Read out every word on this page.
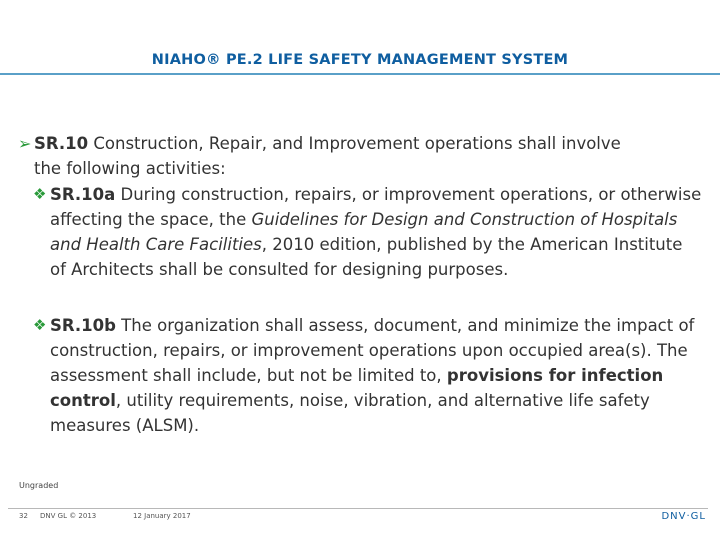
NIAHO® PE.2 LIFE SAFETY MANAGEMENT SYSTEM
➢ SR.10 Construction, Repair, and Improvement operations shall involve
the following activities:
❖ SR.10a During construction, repairs, or improvement operations, or otherwise affecting the space, the Guidelines for Design and Construction of Hospitals and Health Care Facilities, 2010 edition, published by the American Institute of Architects shall be consulted for designing purposes.
❖ SR.10b The organization shall assess, document, and minimize the impact of construction, repairs, or improvement operations upon occupied area(s). The assessment shall include, but not be limited to, provisions for infection control, utility requirements, noise, vibration, and alternative life safety measures (ALSM).
Ungraded
32 DNV GL © 2013	12 January 2017	DNV·GL
